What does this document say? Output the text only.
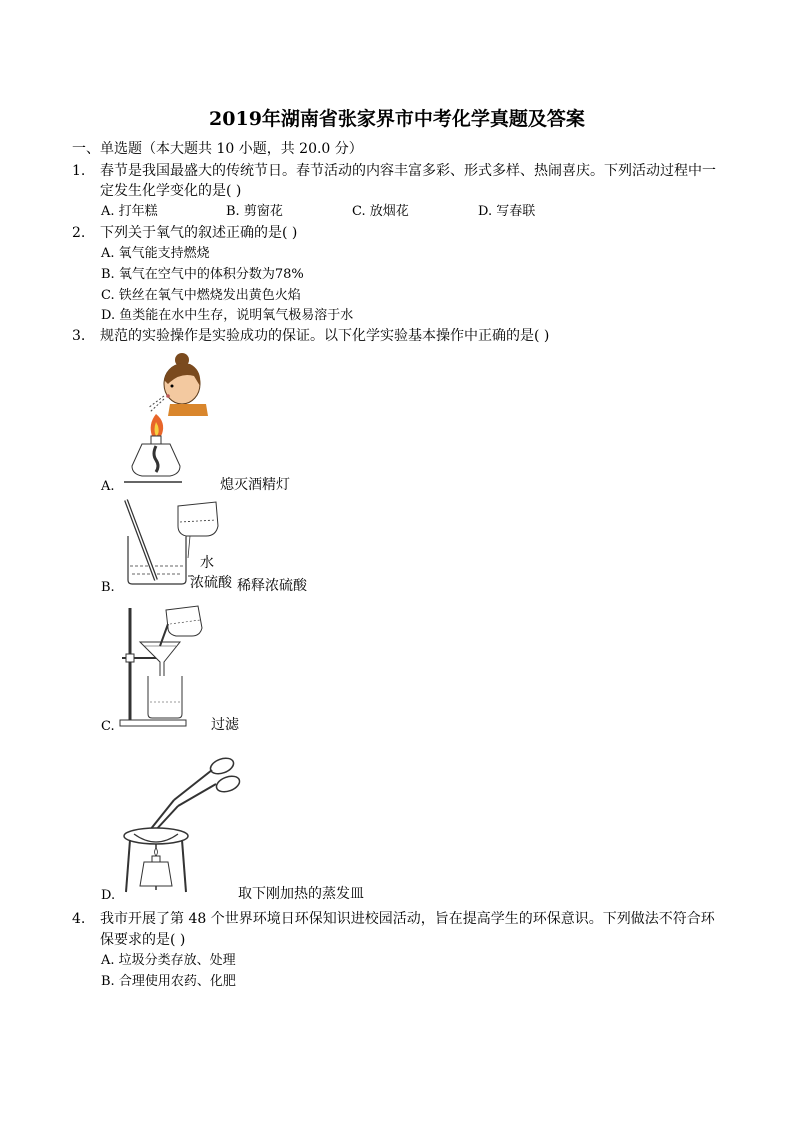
2019年湖南省张家界市中考化学真题及答案
一、单选题（本大题共 10 小题，共 20.0 分）
1. 春节是我国最盛大的传统节日。春节活动的内容丰富多彩、形式多样、热闹喜庆。下列活动过程中一
定发生化学变化的是( )
A. 打年糕	B. 剪窗花	C. 放烟花	D. 写春联
2. 下列关于氧气的叙述正确的是( )
A. 氧气能支持燃烧
B. 氧气在空气中的体积分数为78%
C. 铁丝在氧气中燃烧发出黄色火焰
D. 鱼类能在水中生存，说明氧气极易溶于水
3. 规范的实验操作是实验成功的保证。以下化学实验基本操作中正确的是( )
A.	熄灭酒精灯
水
浓硫酸
B.	稀释浓硫酸
C.	过滤
D.	取下刚加热的蒸发皿
4. 我市开展了第 48 个世界环境日环保知识进校园活动，旨在提高学生的环保意识。下列做法不符合环
保要求的是( )
A. 垃圾分类存放、处理
B. 合理使用农药、化肥
